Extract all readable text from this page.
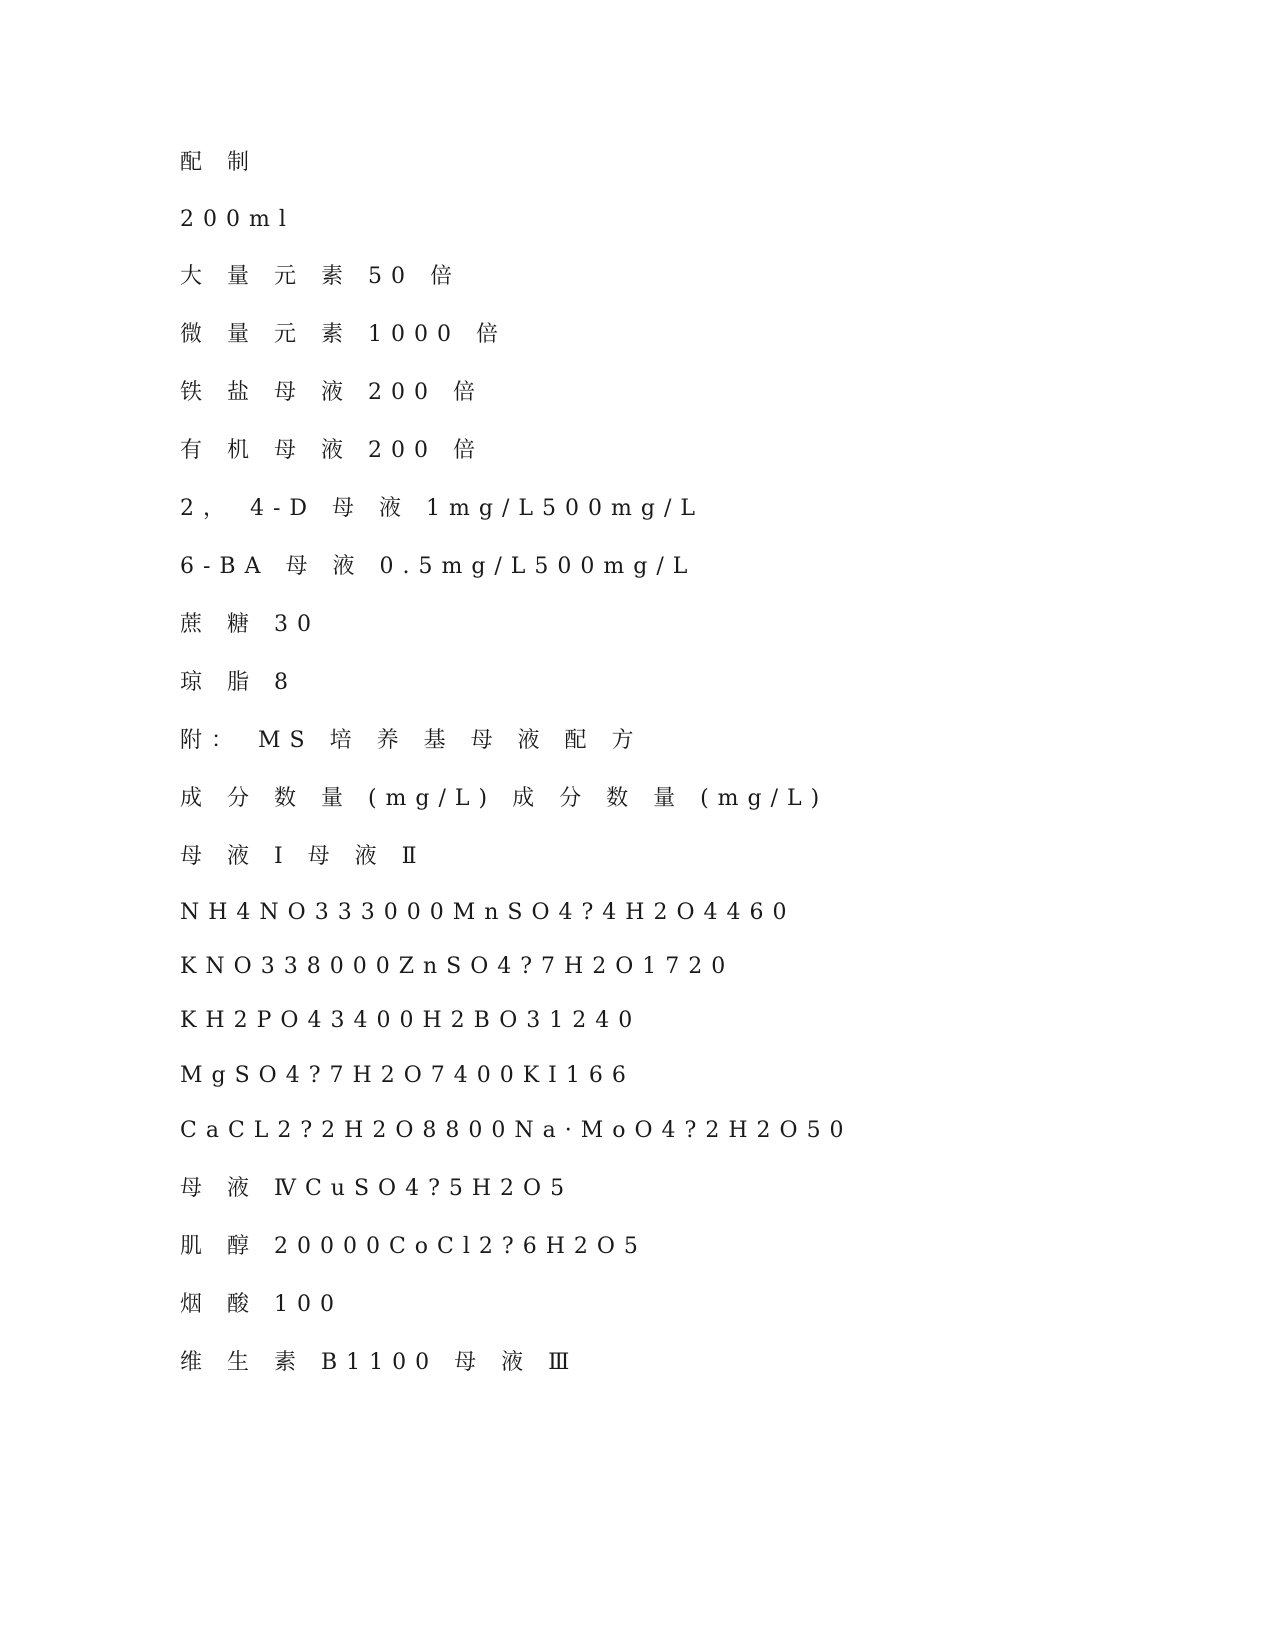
配 制
200ml
大 量 元 素 50 倍
微 量 元 素 1000 倍
铁 盐 母 液 200 倍
有 机 母 液 200 倍
2， 4-D 母 液 1mg/L500mg/L
6-BA 母 液 0.5mg/L500mg/L
蔗 糖 30
琼 脂 8
附： MS 培 养 基 母 液 配 方
成 分 数 量 (mg/L) 成 分 数 量 (mg/L)
母 液 Ⅰ 母 液 Ⅱ
NH4NO333000MnSO4?4H2O4460
KNO338000ZnSO4?7H2O1720
KH2PO43400H2BO31240
MgSO4?7H2O7400KI166
CaCL2?2H2O8800Na·MoO4?2H2O50
母 液 ⅣCuSO4?5H2O5
肌 醇 20000CoCl2?6H2O5
烟 酸 100
维 生 素 B1100 母 液 Ⅲ
